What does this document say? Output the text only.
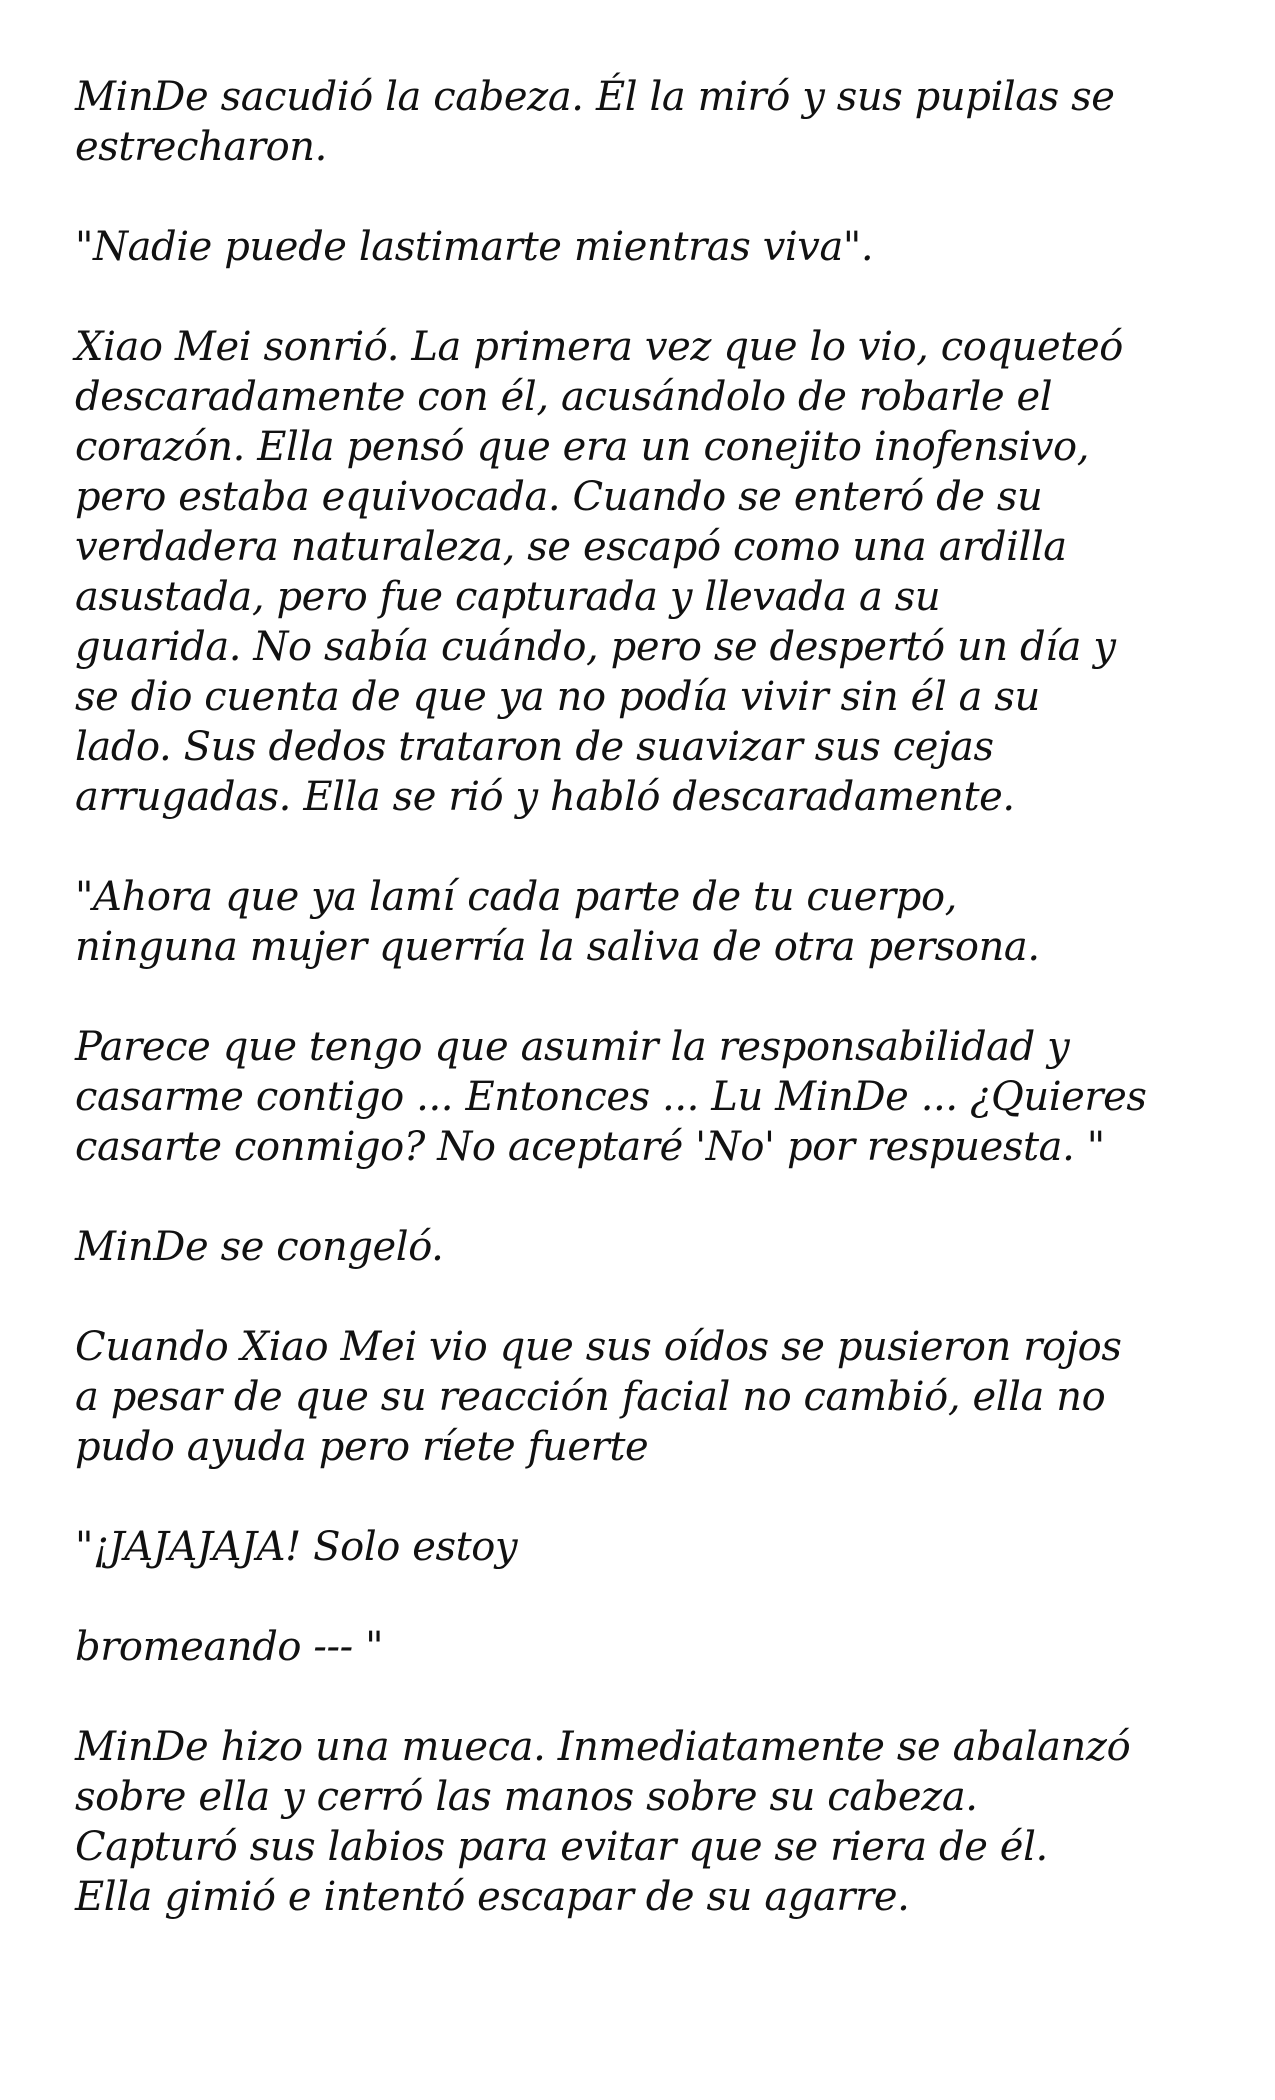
MinDe sacudió la cabeza. Él la miró y sus pupilas se
estrecharon.

"Nadie puede lastimarte mientras viva".

Xiao Mei sonrió. La primera vez que lo vio, coqueteó
descaradamente con él, acusándolo de robarle el
corazón. Ella pensó que era un conejito inofensivo,
pero estaba equivocada. Cuando se enteró de su
verdadera naturaleza, se escapó como una ardilla
asustada, pero fue capturada y llevada a su
guarida. No sabía cuándo, pero se despertó un día y
se dio cuenta de que ya no podía vivir sin él a su
lado. Sus dedos trataron de suavizar sus cejas
arrugadas. Ella se rió y habló descaradamente.

"Ahora que ya lamí cada parte de tu cuerpo,
ninguna mujer querría la saliva de otra persona.

Parece que tengo que asumir la responsabilidad y
casarme contigo ... Entonces ... Lu MinDe ... ¿Quieres
casarte conmigo? No aceptaré 'No' por respuesta. "

MinDe se congeló.

Cuando Xiao Mei vio que sus oídos se pusieron rojos
a pesar de que su reacción facial no cambió, ella no
pudo ayuda pero ríete fuerte

"¡JAJAJAJA! Solo estoy

bromeando --- "

MinDe hizo una mueca. Inmediatamente se abalanzó
sobre ella y cerró las manos sobre su cabeza.
Capturó sus labios para evitar que se riera de él.
Ella gimió e intentó escapar de su agarre.
